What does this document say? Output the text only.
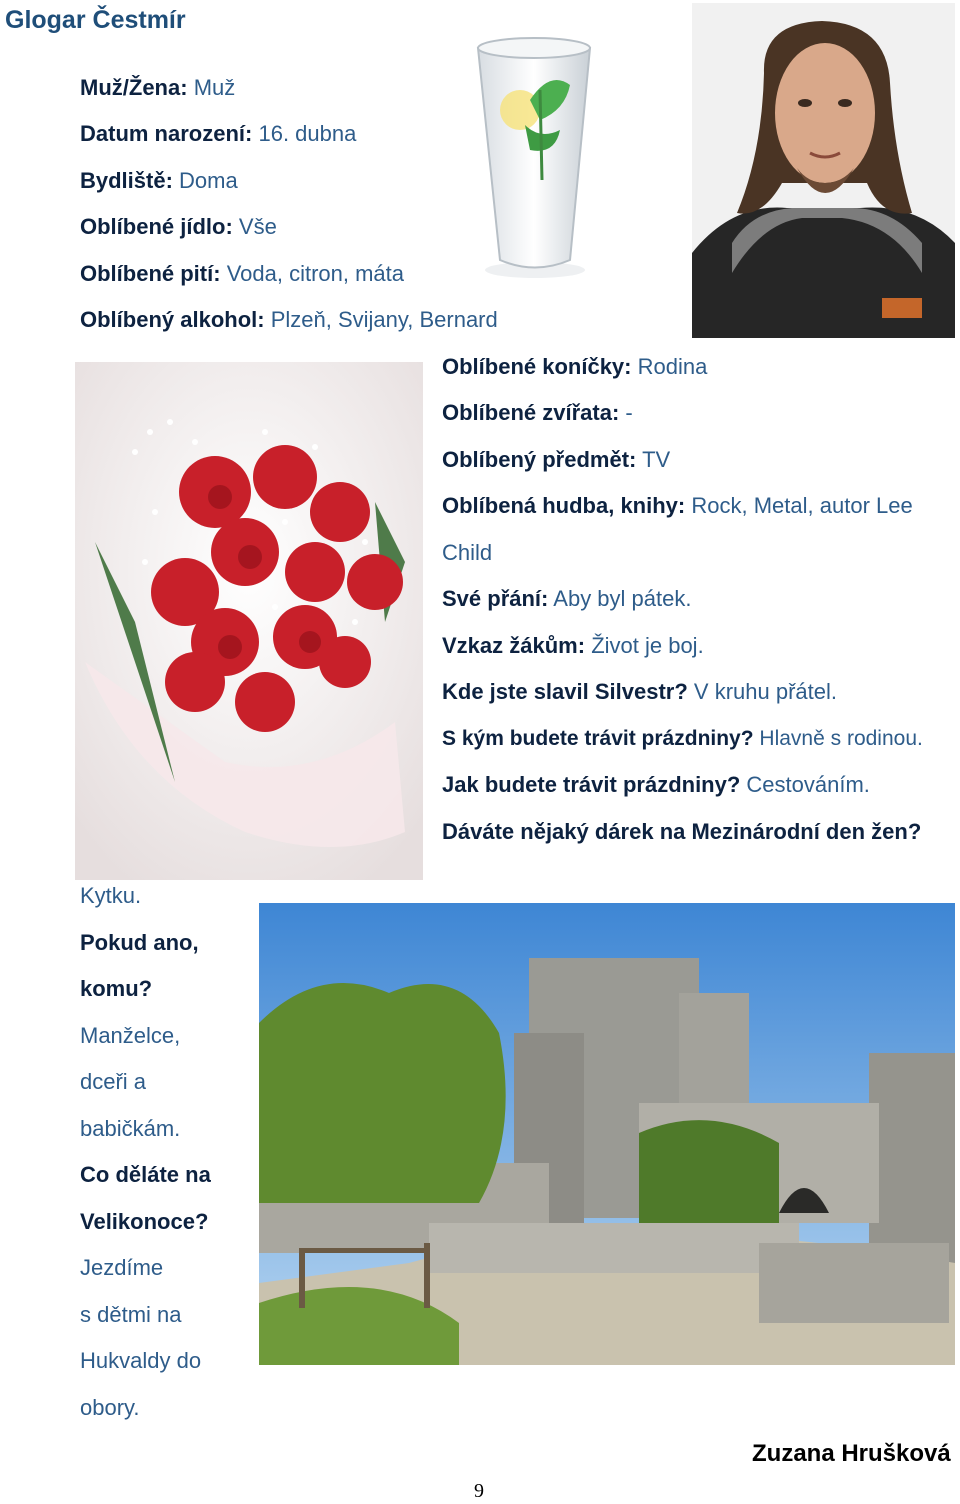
Glogar Čestmír
Muž/Žena: Muž
Datum narození: 16. dubna
Bydliště: Doma
Oblíbené jídlo: Vše
Oblíbené pití: Voda, citron, máta
Oblíbený alkohol: Plzeň, Svijany, Bernard
Oblíbené koníčky: Rodina
Oblíbené zvířata: -
Oblíbený předmět: TV
Oblíbená hudba, knihy: Rock, Metal, autor Lee
Child
Své přání: Aby byl pátek.
Vzkaz žákům: Život je boj.
Kde jste slavil Silvestr? V kruhu přátel.
S kým budete trávit prázdniny? Hlavně s rodinou.
Jak budete trávit prázdniny? Cestováním.
Dáváte nějaký dárek na Mezinárodní den žen?
Kytku.
Pokud ano,
komu?
Manželce,
dceři a
babičkám.
Co děláte na
Velikonoce?
Jezdíme
s dětmi na
Hukvaldy do
obory.
Zuzana Hrušková
9
